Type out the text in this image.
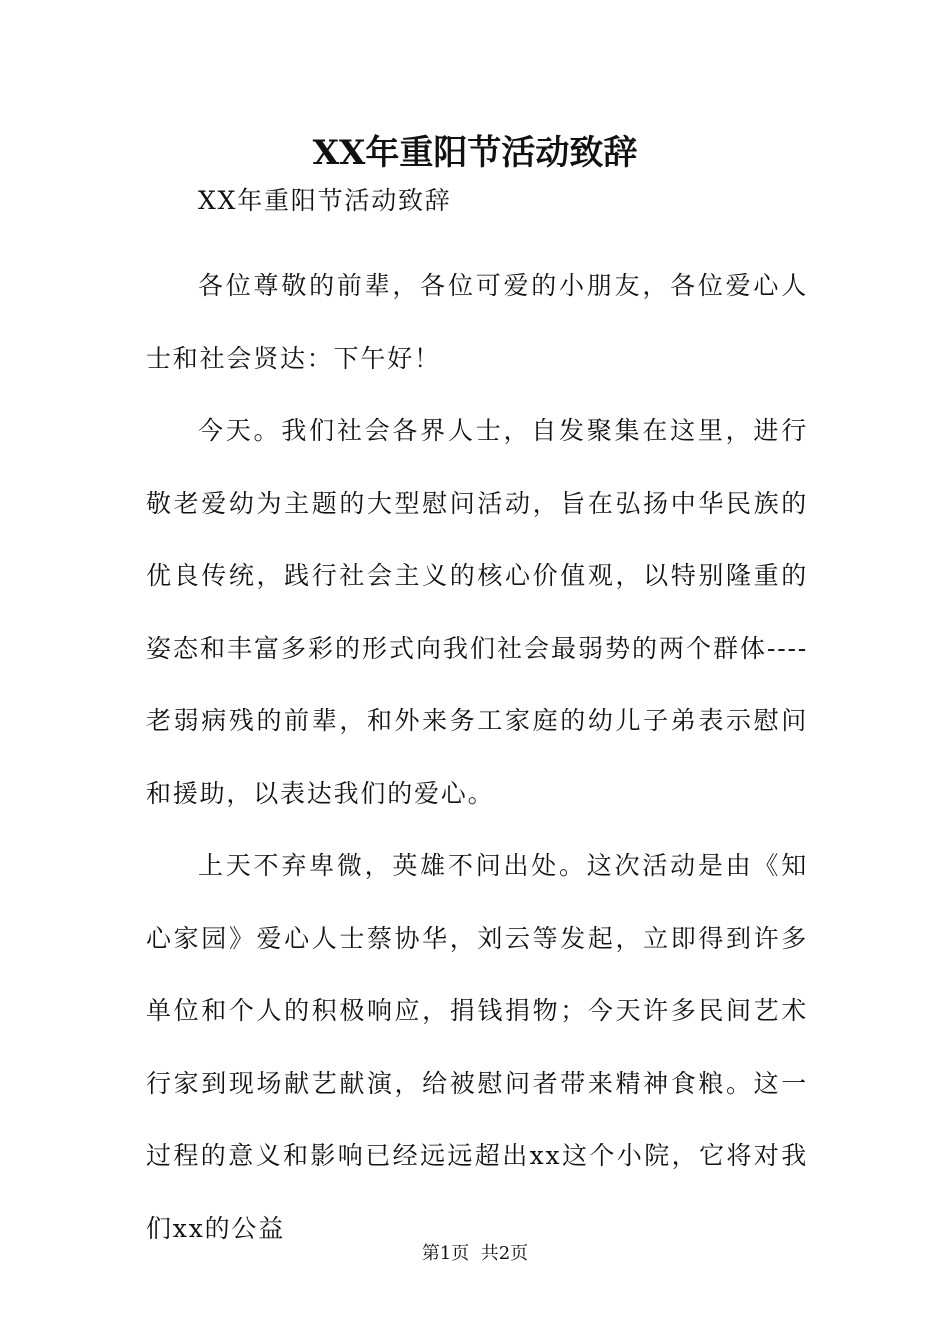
XX年重阳节活动致辞

XX年重阳节活动致辞

各位尊敬的前辈，各位可爱的小朋友，各位爱心人士和社会贤达：下午好！

今天。我们社会各界人士，自发聚集在这里，进行敬老爱幼为主题的大型慰问活动，旨在弘扬中华民族的优良传统，践行社会主义的核心价值观，以特别隆重的姿态和丰富多彩的形式向我们社会最弱势的两个群体----老弱病残的前辈，和外来务工家庭的幼儿子弟表示慰问和援助，以表达我们的爱心。

上天不弃卑微，英雄不问出处。这次活动是由《知心家园》爱心人士蔡协华，刘云等发起，立即得到许多单位和个人的积极响应，捐钱捐物；今天许多民间艺术行家到现场献艺献演，给被慰问者带来精神食粮。这一过程的意义和影响已经远远超出xx这个小院，它将对我们xx的公益

第1页  共2页
